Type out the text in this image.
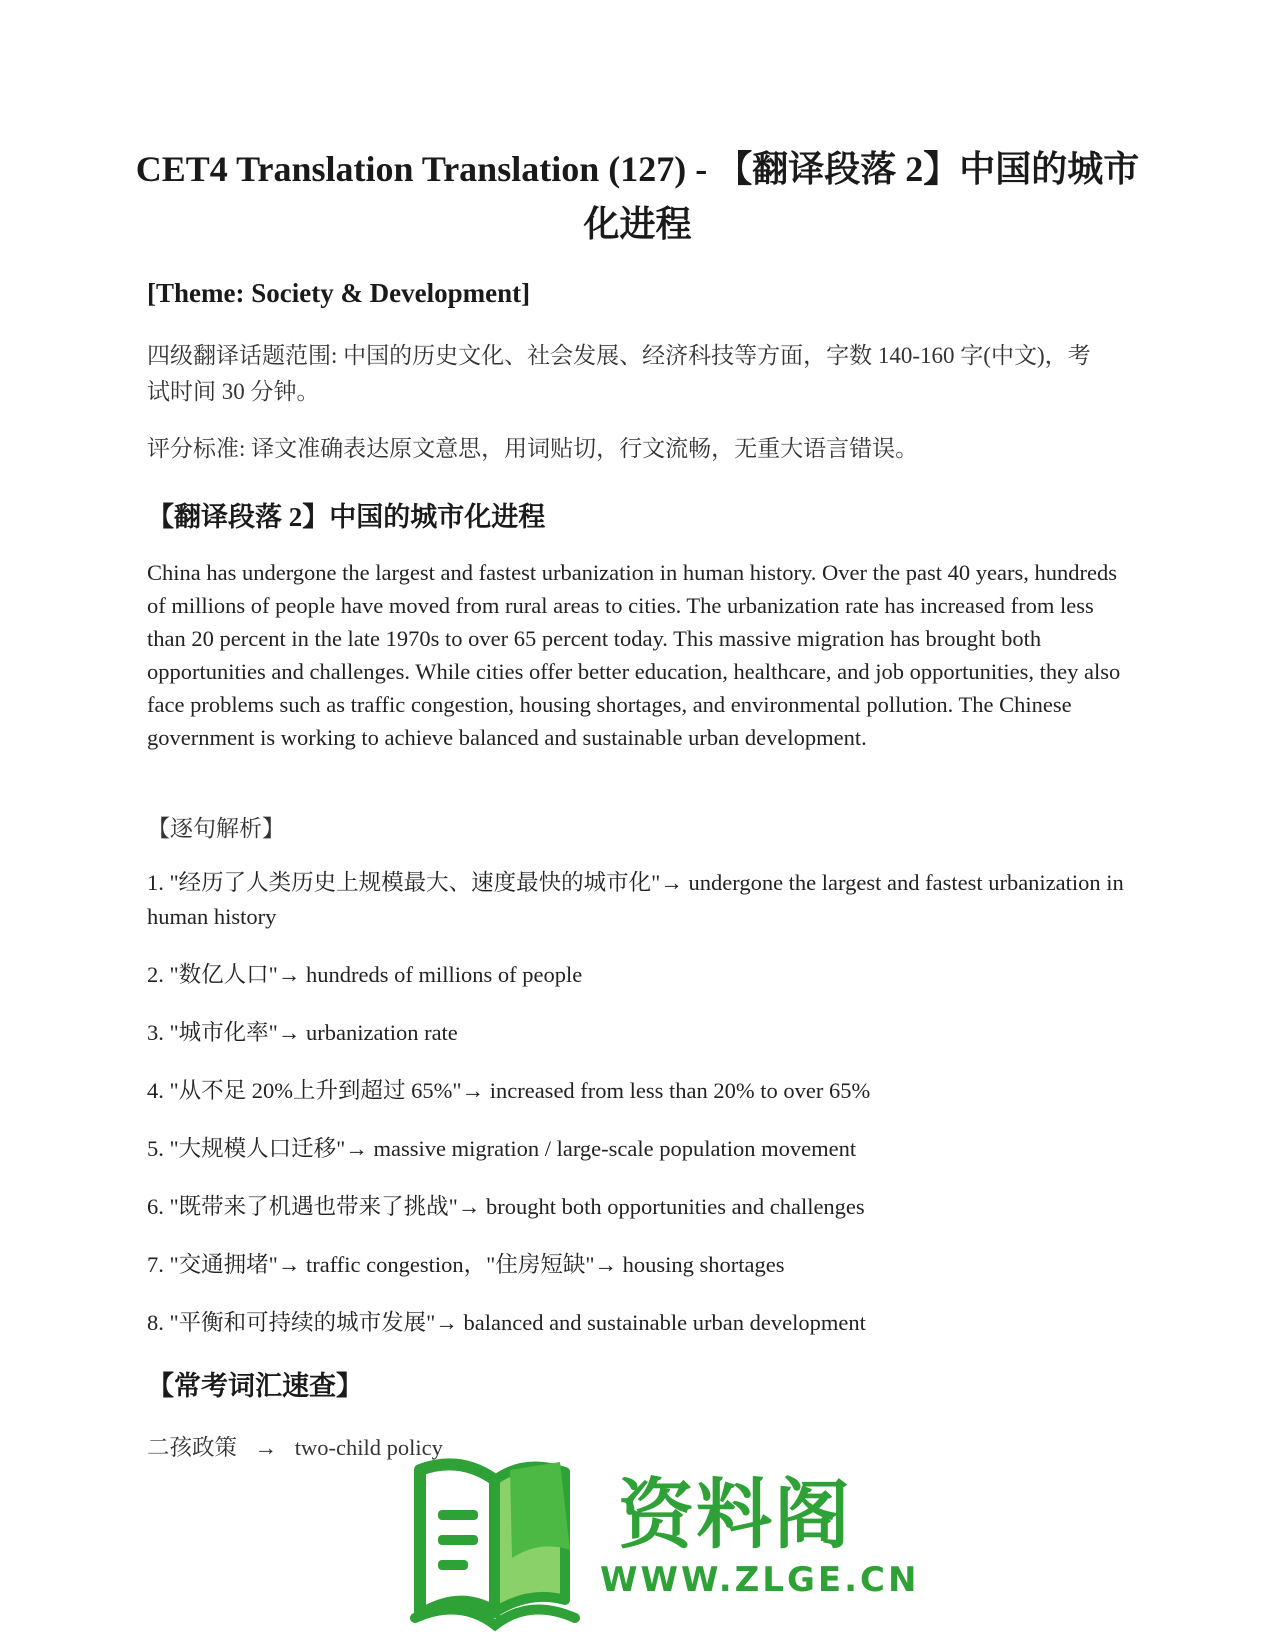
CET4 Translation Translation (127) - 【翻译段落 2】中国的城市化进程
[Theme: Society & Development]
四级翻译话题范围: 中国的历史文化、社会发展、经济科技等方面，字数 140-160 字(中文)，考试时间 30 分钟。
评分标准: 译文准确表达原文意思，用词贴切，行文流畅，无重大语言错误。
【翻译段落 2】中国的城市化进程
China has undergone the largest and fastest urbanization in human history. Over the past 40 years, hundreds of millions of people have moved from rural areas to cities. The urbanization rate has increased from less than 20 percent in the late 1970s to over 65 percent today. This massive migration has brought both opportunities and challenges. While cities offer better education, healthcare, and job opportunities, they also face problems such as traffic congestion, housing shortages, and environmental pollution. The Chinese government is working to achieve balanced and sustainable urban development.
【逐句解析】
1. "经历了人类历史上规模最大、速度最快的城市化"→ undergone the largest and fastest urbanization in human history
2. "数亿人口"→ hundreds of millions of people
3. "城市化率"→ urbanization rate
4. "从不足 20%上升到超过 65%"→ increased from less than 20% to over 65%
5. "大规模人口迁移"→ massive migration / large-scale population movement
6. "既带来了机遇也带来了挑战"→ brought both opportunities and challenges
7. "交通拥堵"→ traffic congestion，"住房短缺"→ housing shortages
8. "平衡和可持续的城市发展"→ balanced and sustainable urban development
【常考词汇速查】
二孩政策 → two-child policy
资料阁
WWW.ZLGE.CN
